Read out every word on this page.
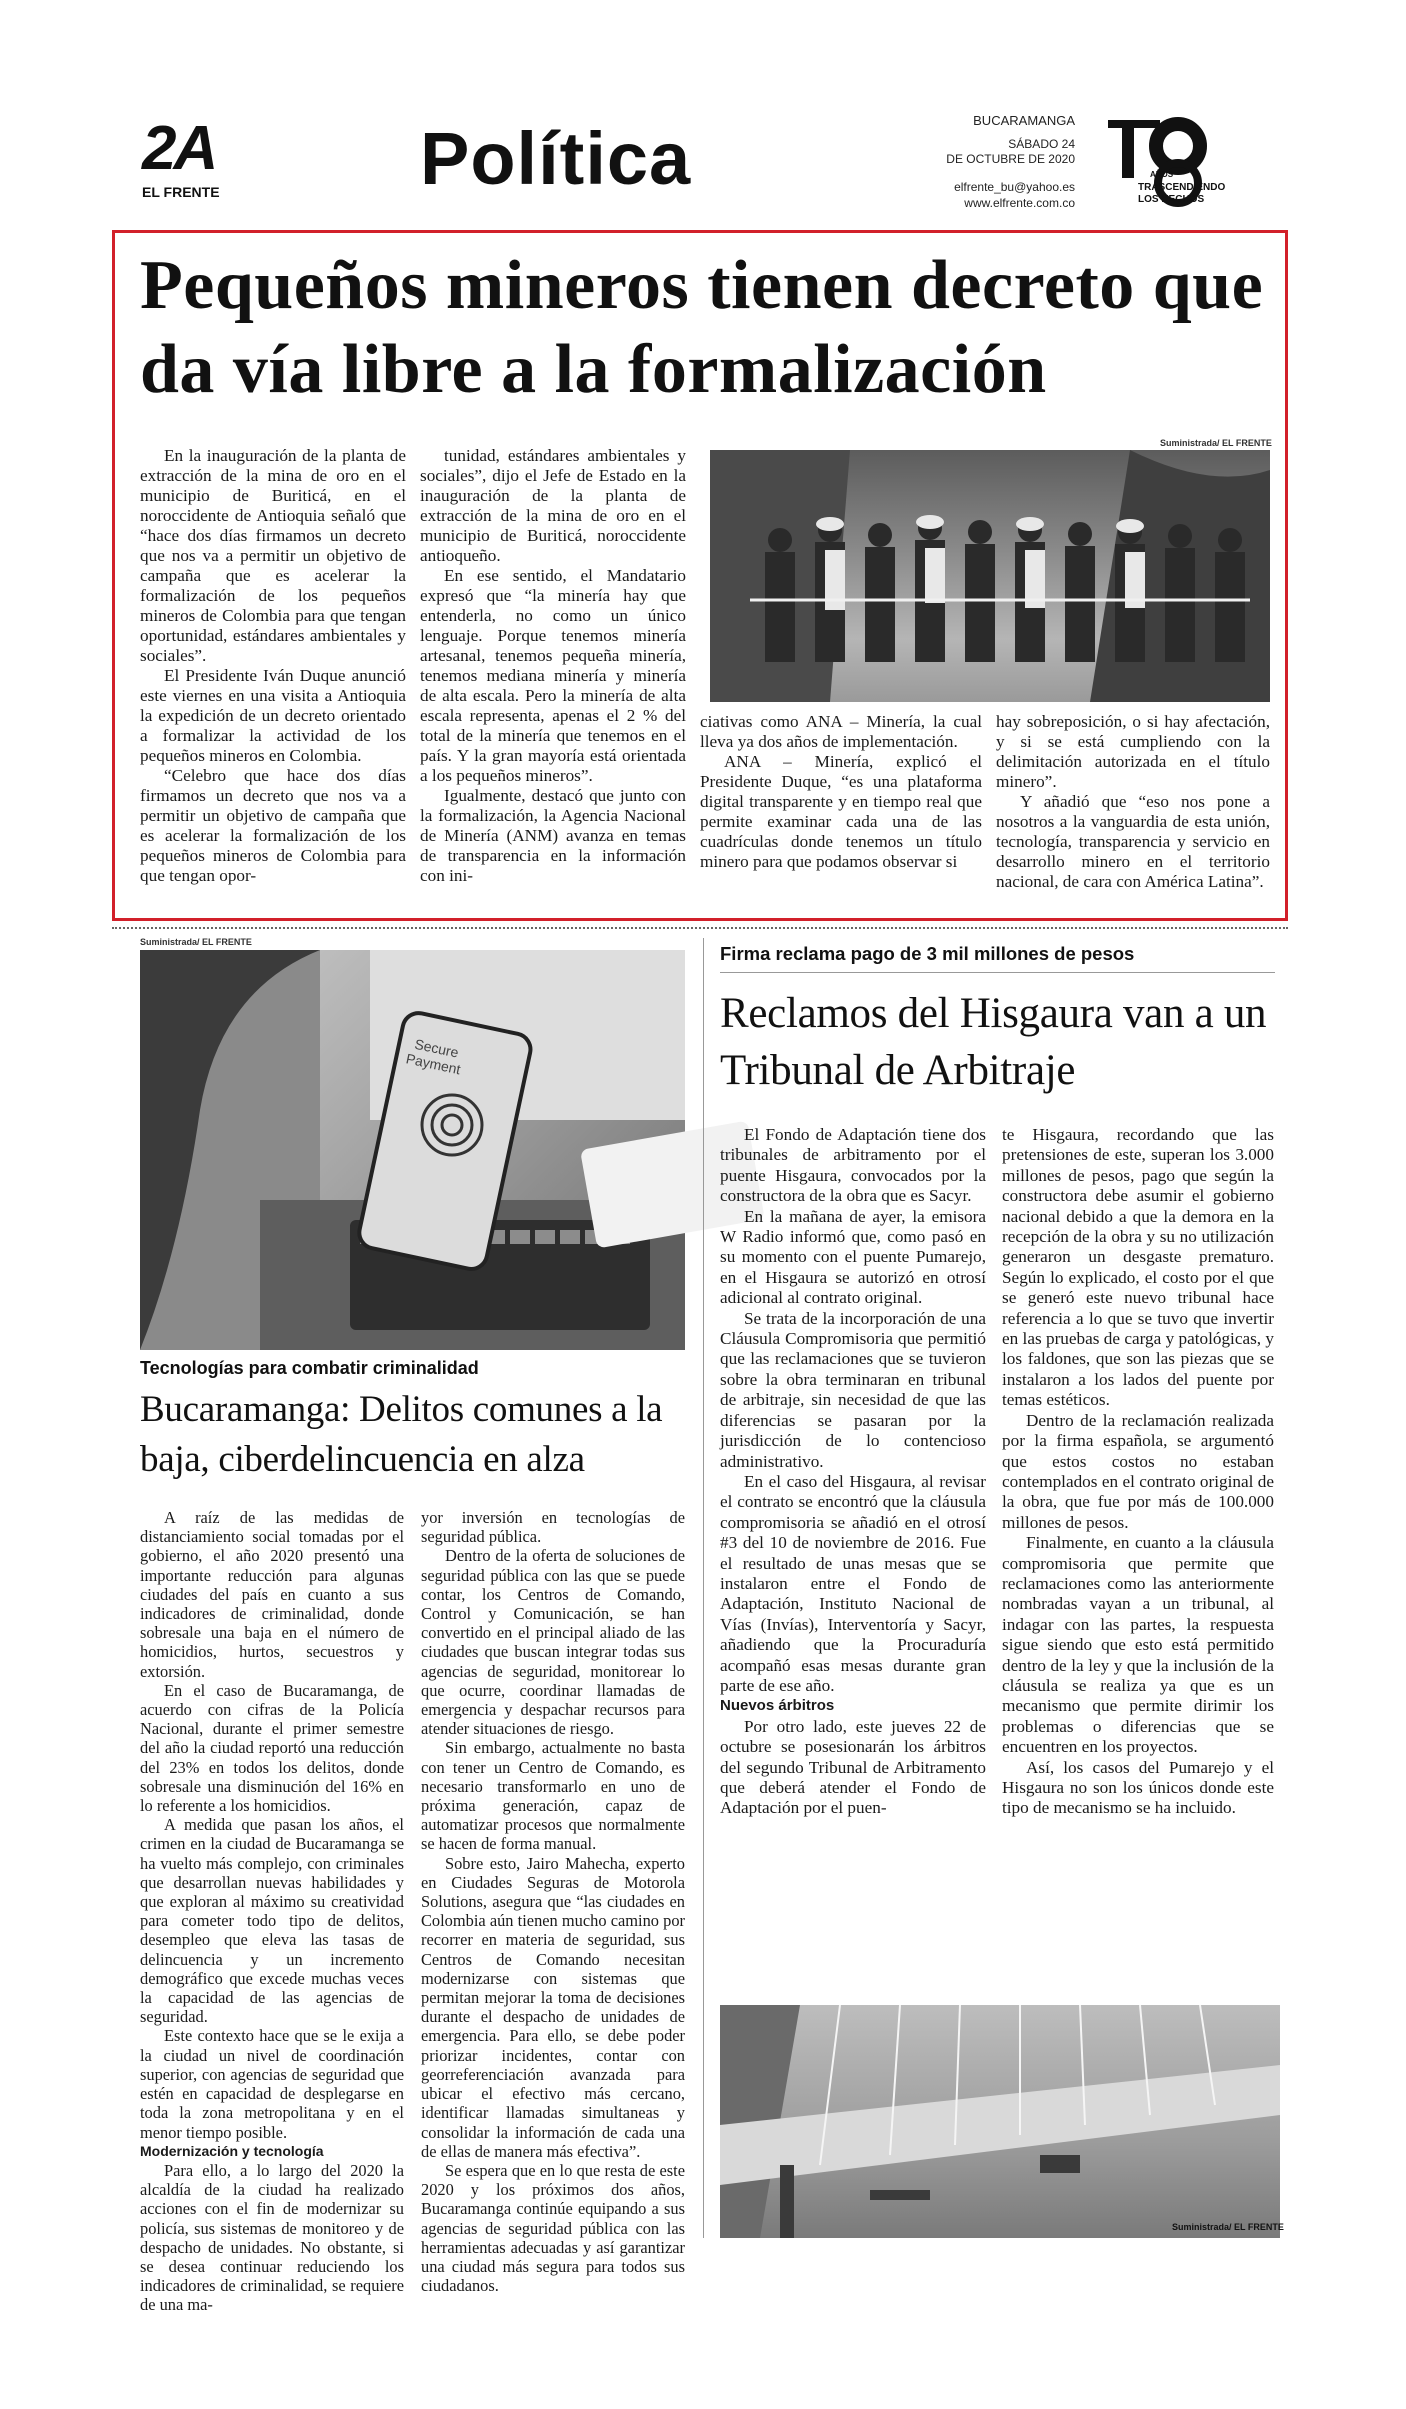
2A
EL FRENTE	Política	BUCARAMANGA
SÁBADO 24
DE OCTUBRE DE 2020
elfrente_bu@yahoo.es
www.elfrente.com.co
AÑOS
TRASCENDIENDO
LOS HECHOS
Pequeños mineros tienen decreto que da vía libre a la formalización

En la inauguración de la planta de extracción de la mina de oro en el municipio de Buriticá, en el noroccidente de Antioquia señaló que “hace dos días firmamos un decreto que nos va a permitir un objetivo de campaña que es acelerar la formalización de los pequeños mineros de Colombia para que tengan oportunidad, estándares ambientales y sociales”.

El Presidente Iván Duque anunció este viernes en una visita a Antioquia la expedición de un decreto orientado a formalizar la actividad de los pequeños mineros en Colombia.

“Celebro que hace dos días firmamos un decreto que nos va a permitir un objetivo de campaña que es acelerar la formalización de los pequeños mineros de Colombia para que tengan opor-

tunidad, estándares ambientales y sociales”, dijo el Jefe de Estado en la inauguración de la planta de extracción de la mina de oro en el municipio de Buriticá, noroccidente antioqueño.

En ese sentido, el Mandatario expresó que “la minería hay que entenderla, no como un único lenguaje. Porque tenemos minería artesanal, tenemos pequeña minería, tenemos mediana minería y minería de alta escala. Pero la minería de alta escala representa, apenas el 2 % del total de la minería que tenemos en el país. Y la gran mayoría está orientada a los pequeños mineros”.

Igualmente, destacó que junto con la formalización, la Agencia Nacional de Minería (ANM) avanza en temas de transparencia en la información con ini-

Suministrada/ EL FRENTE

ciativas como ANA – Minería, la cual lleva ya dos años de implementación.

ANA – Minería, explicó el Presidente Duque, “es una plataforma digital transparente y en tiempo real que permite examinar cada una de las cuadrículas donde tenemos un título minero para que podamos observar si

hay sobreposición, o si hay afectación, y si se está cumpliendo con la delimitación autorizada en el título minero”.

Y añadió que “eso nos pone a nosotros a la vanguardia de esta unión, tecnología, transparencia y servicio en desarrollo minero en el territorio nacional, de cara con América Latina”.

Suministrada/ EL FRENTE
Secure Payment
Tecnologías para combatir criminalidad
Bucaramanga: Delitos comunes a la baja, ciberdelincuencia en alza

A raíz de las medidas de distanciamiento social tomadas por el gobierno, el año 2020 presentó una importante reducción para algunas ciudades del país en cuanto a sus indicadores de criminalidad, donde sobresale una baja en el número de homicidios, hurtos, secuestros y extorsión.

En el caso de Bucaramanga, de acuerdo con cifras de la Policía Nacional, durante el primer semestre del año la ciudad reportó una reducción del 23% en todos los delitos, donde sobresale una disminución del 16% en lo referente a los homicidios.

A medida que pasan los años, el crimen en la ciudad de Bucaramanga se ha vuelto más complejo, con criminales que desarrollan nuevas habilidades y que exploran al máximo su creatividad para cometer todo tipo de delitos, desempleo que eleva las tasas de delincuencia y un incremento demográfico que excede muchas veces la capacidad de las agencias de seguridad.

Este contexto hace que se le exija a la ciudad un nivel de coordinación superior, con agencias de seguridad que estén en capacidad de desplegarse en toda la zona metropolitana y en el menor tiempo posible.

Modernización y tecnología

Para ello, a lo largo del 2020 la alcaldía de la ciudad ha realizado acciones con el fin de modernizar su policía, sus sistemas de monitoreo y de despacho de unidades. No obstante, si se desea continuar reduciendo los indicadores de criminalidad, se requiere de una ma-

yor inversión en tecnologías de seguridad pública.

Dentro de la oferta de soluciones de seguridad pública con las que se puede contar, los Centros de Comando, Control y Comunicación, se han convertido en el principal aliado de las ciudades que buscan integrar todas sus agencias de seguridad, monitorear lo que ocurre, coordinar llamadas de emergencia y despachar recursos para atender situaciones de riesgo.

Sin embargo, actualmente no basta con tener un Centro de Comando, es necesario transformarlo en uno de próxima generación, capaz de automatizar procesos que normalmente se hacen de forma manual.

Sobre esto, Jairo Mahecha, experto en Ciudades Seguras de Motorola Solutions, asegura que “las ciudades en Colombia aún tienen mucho camino por recorrer en materia de seguridad, sus Centros de Comando necesitan modernizarse con sistemas que permitan mejorar la toma de decisiones durante el despacho de unidades de emergencia. Para ello, se debe poder priorizar incidentes, contar con georreferenciación avanzada para ubicar el efectivo más cercano, identificar llamadas simultaneas y consolidar la información de cada una de ellas de manera más efectiva”.

Se espera que en lo que resta de este 2020 y los próximos dos años, Bucaramanga continúe equipando a sus agencias de seguridad pública con las herramientas adecuadas y así garantizar una ciudad más segura para todos sus ciudadanos.

Firma reclama pago de 3 mil millones de pesos
Reclamos del Hisgaura van a un Tribunal de Arbitraje

El Fondo de Adaptación tiene dos tribunales de arbitramento por el puente Hisgaura, convocados por la constructora de la obra que es Sacyr.

En la mañana de ayer, la emisora W Radio informó que, como pasó en su momento con el puente Pumarejo, en el Hisgaura se autorizó en otrosí adicional al contrato original.

Se trata de la incorporación de una Cláusula Compromisoria que permitió que las reclamaciones que se tuvieron sobre la obra terminaran en tribunal de arbitraje, sin necesidad de que las diferencias se pasaran por la jurisdicción de lo contencioso administrativo.

En el caso del Hisgaura, al revisar el contrato se encontró que la cláusula compromisoria se añadió en el otrosí #3 del 10 de noviembre de 2016. Fue el resultado de unas mesas que se instalaron entre el Fondo de Adaptación, Instituto Nacional de Vías (Invías), Interventoría y Sacyr, añadiendo que la Procuraduría acompañó esas mesas durante gran parte de ese año.

Nuevos árbitros

Por otro lado, este jueves 22 de octubre se posesionarán los árbitros del segundo Tribunal de Arbitramento que deberá atender el Fondo de Adaptación por el puen-

te Hisgaura, recordando que las pretensiones de este, superan los 3.000 millones de pesos, pago que según la constructora debe asumir el gobierno nacional debido a que la demora en la recepción de la obra y su no utilización generaron un desgaste prematuro. Según lo explicado, el costo por el que se generó este nuevo tribunal hace referencia a lo que se tuvo que invertir en las pruebas de carga y patológicas, y los faldones, que son las piezas que se instalaron a los lados del puente por temas estéticos.

Dentro de la reclamación realizada por la firma española, se argumentó que estos costos no estaban contemplados en el contrato original de la obra, que fue por más de 100.000 millones de pesos.

Finalmente, en cuanto a la cláusula compromisoria que permite que reclamaciones como las anteriormente nombradas vayan a un tribunal, al indagar con las partes, la respuesta sigue siendo que esto está permitido dentro de la ley y que la inclusión de la cláusula se realiza ya que es un mecanismo que permite dirimir los problemas o diferencias que se encuentren en los proyectos.

Así, los casos del Pumarejo y el Hisgaura no son los únicos donde este tipo de mecanismo se ha incluido.

Suministrada/ EL FRENTE
